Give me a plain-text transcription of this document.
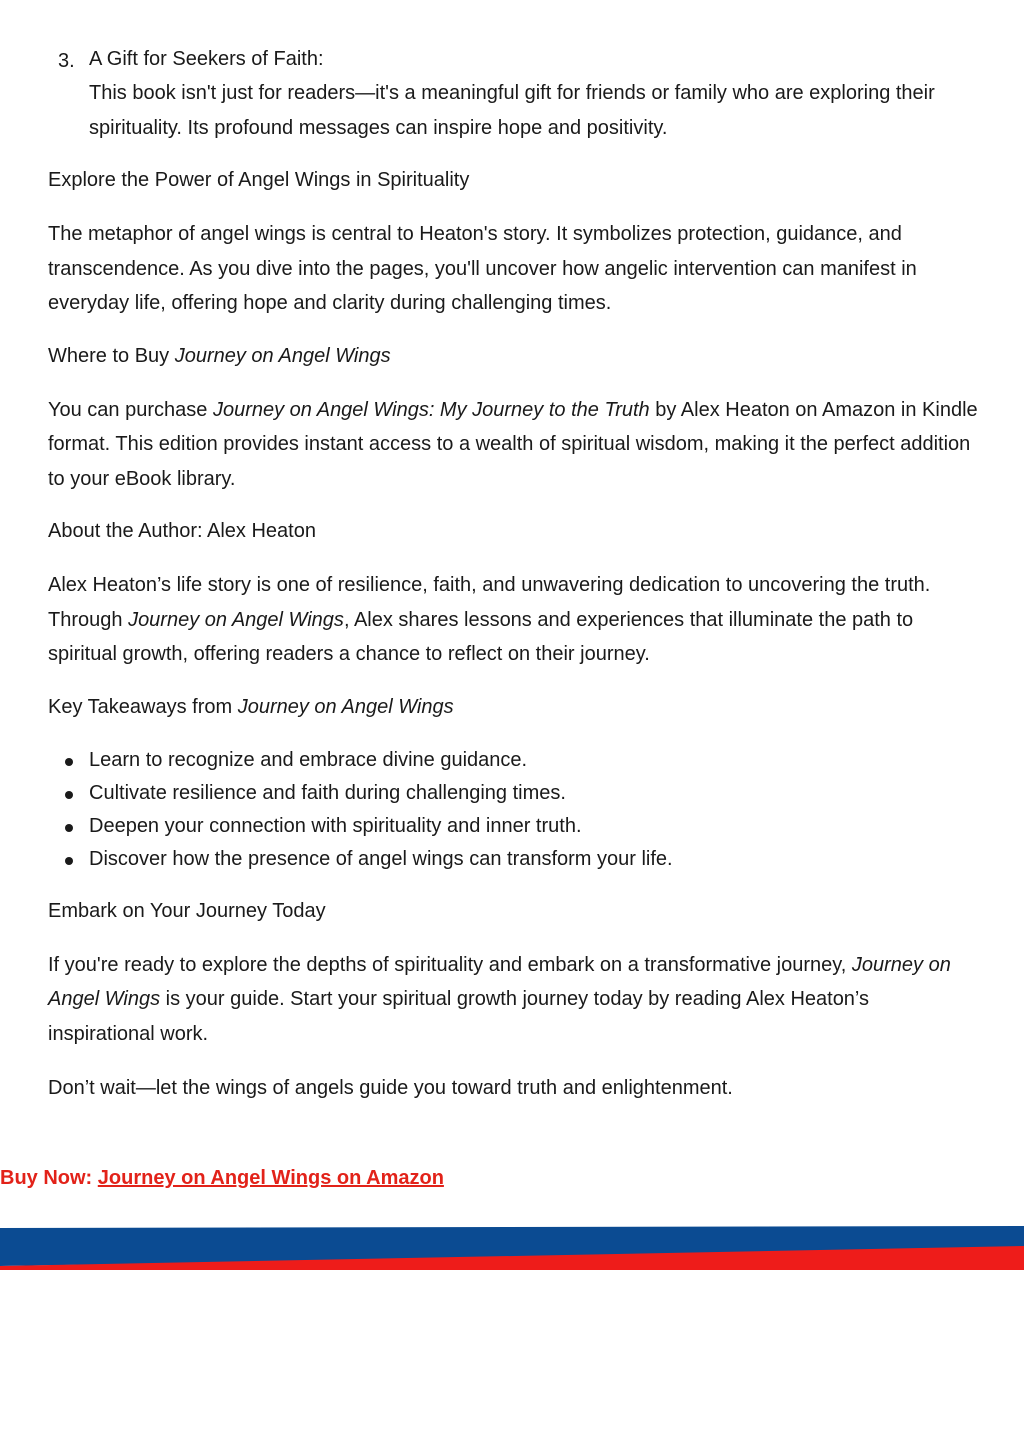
3. A Gift for Seekers of Faith:
This book isn't just for readers—it's a meaningful gift for friends or family who are exploring their spirituality. Its profound messages can inspire hope and positivity.
Explore the Power of Angel Wings in Spirituality

The metaphor of angel wings is central to Heaton's story. It symbolizes protection, guidance, and transcendence. As you dive into the pages, you'll uncover how angelic intervention can manifest in everyday life, offering hope and clarity during challenging times.

Where to Buy Journey on Angel Wings

You can purchase Journey on Angel Wings: My Journey to the Truth by Alex Heaton on Amazon in Kindle format. This edition provides instant access to a wealth of spiritual wisdom, making it the perfect addition to your eBook library.

About the Author: Alex Heaton

Alex Heaton’s life story is one of resilience, faith, and unwavering dedication to uncovering the truth. Through Journey on Angel Wings, Alex shares lessons and experiences that illuminate the path to spiritual growth, offering readers a chance to reflect on their journey.

Key Takeaways from Journey on Angel Wings
Learn to recognize and embrace divine guidance.
Cultivate resilience and faith during challenging times.
Deepen your connection with spirituality and inner truth.
Discover how the presence of angel wings can transform your life.
Embark on Your Journey Today

If you're ready to explore the depths of spirituality and embark on a transformative journey, Journey on Angel Wings is your guide. Start your spiritual growth journey today by reading Alex Heaton’s inspirational work.

Don’t wait—let the wings of angels guide you toward truth and enlightenment.

Buy Now: Journey on Angel Wings on Amazon
